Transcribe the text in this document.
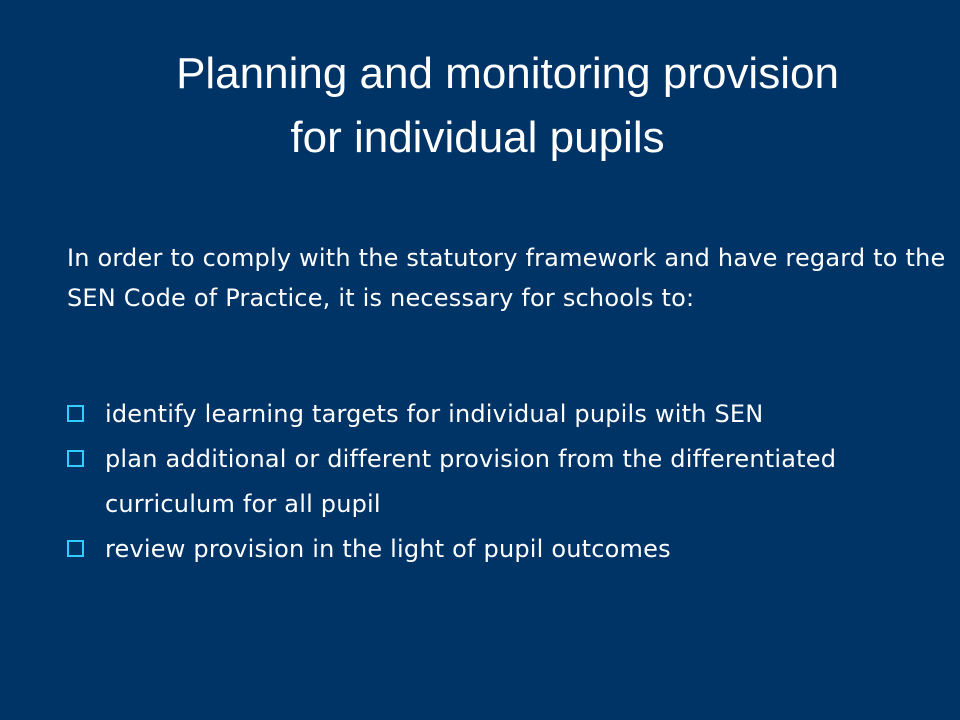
Planning and monitoring provision
for individual pupils

In order to comply with the statutory framework and have regard to the SEN Code of Practice, it is necessary for schools to:

identify learning targets for individual pupils with SEN
plan additional or different provision from the differentiated curriculum for all pupil
review provision in the light of pupil outcomes
